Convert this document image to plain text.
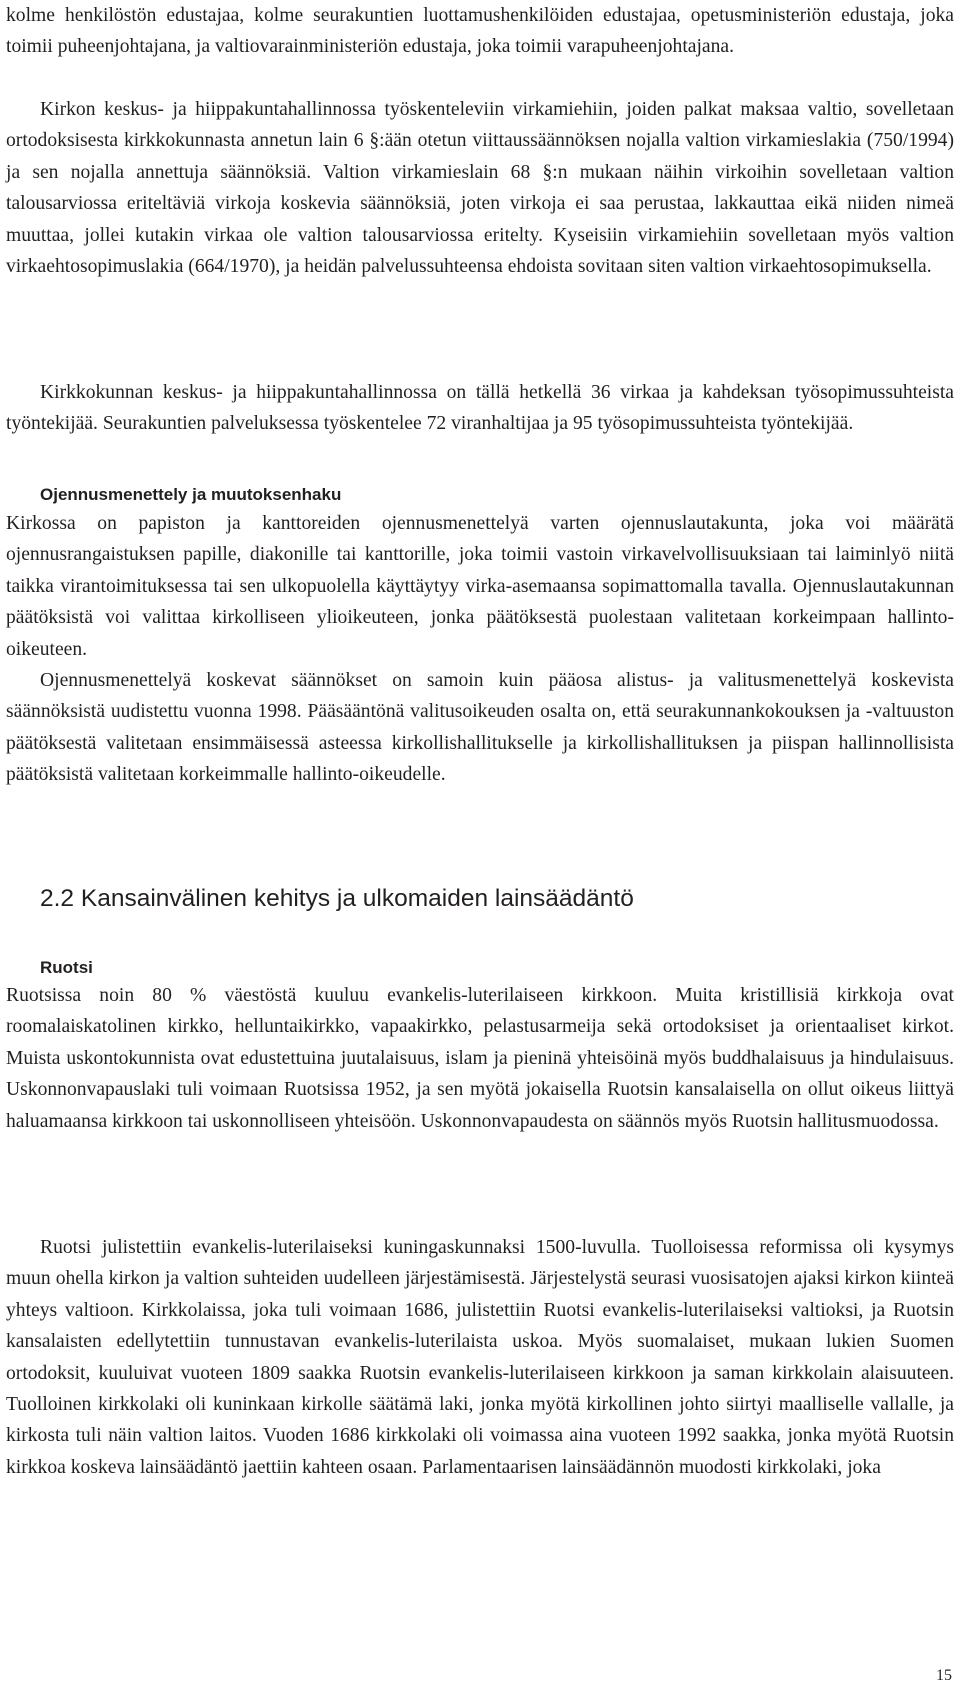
kolme henkilöstön edustajaa, kolme seurakuntien luottamushenkilöiden edustajaa, opetusministeriön edustaja, joka toimii puheenjohtajana, ja valtiovarainministeriön edustaja, joka toimii varapuheenjohtajana.

Kirkon keskus- ja hiippakuntahallinnossa työskenteleviin virkamiehiin, joiden palkat maksaa valtio, sovelletaan ortodoksisesta kirkkokunnasta annetun lain 6 §:ään otetun viittaussäännöksen nojalla valtion virkamieslakia (750/1994) ja sen nojalla annettuja säännöksiä. Valtion virkamieslain 68 §:n mukaan näihin virkoihin sovelletaan valtion talousarviossa eriteltäviä virkoja koskevia säännöksiä, joten virkoja ei saa perustaa, lakkauttaa eikä niiden nimeä muuttaa, jollei kutakin virkaa ole valtion talousarviossa eritelty. Kyseisiin virkamiehiin sovelletaan myös valtion virkaehtosopimuslakia (664/1970), ja heidän palvelussuhteensa ehdoista sovitaan siten valtion virkaehtosopimuksella.

Kirkkokunnan keskus- ja hiippakuntahallinnossa on tällä hetkellä 36 virkaa ja kahdeksan työsopimussuhteista työntekijää. Seurakuntien palveluksessa työskentelee 72 viranhaltijaa ja 95 työsopimussuhteista työntekijää.

Ojennusmenettely ja muutoksenhaku

Kirkossa on papiston ja kanttoreiden ojennusmenettelyä varten ojennuslautakunta, joka voi määrätä ojennusrangaistuksen papille, diakonille tai kanttorille, joka toimii vastoin virkavelvollisuuksiaan tai laiminlyö niitä taikka virantoimituksessa tai sen ulkopuolella käyttäytyy virka-asemaansa sopimattomalla tavalla. Ojennuslautakunnan päätöksistä voi valittaa kirkolliseen ylioikeuteen, jonka päätöksestä puolestaan valitetaan korkeimpaan hallinto-oikeuteen.

Ojennusmenettelyä koskevat säännökset on samoin kuin pääosa alistus- ja valitusmenettelyä koskevista säännöksistä uudistettu vuonna 1998. Pääsääntönä valitusoikeuden osalta on, että seurakunnankokouksen ja -valtuuston päätöksestä valitetaan ensimmäisessä asteessa kirkollishallitukselle ja kirkollishallituksen ja piispan hallinnollisista päätöksistä valitetaan korkeimmalle hallinto-oikeudelle.

2.2 Kansainvälinen kehitys ja ulkomaiden lainsäädäntö
Ruotsi

Ruotsissa noin 80 % väestöstä kuuluu evankelis-luterilaiseen kirkkoon. Muita kristillisiä kirkkoja ovat roomalaiskatolinen kirkko, helluntaikirkko, vapaakirkko, pelastusarmeija sekä ortodoksiset ja orientaaliset kirkot. Muista uskontokunnista ovat edustettuina juutalaisuus, islam ja pieninä yhteisöinä myös buddhalaisuus ja hindulaisuus. Uskonnonvapauslaki tuli voimaan Ruotsissa 1952, ja sen myötä jokaisella Ruotsin kansalaisella on ollut oikeus liittyä haluamaansa kirkkoon tai uskonnolliseen yhteisöön. Uskonnonvapaudesta on säännös myös Ruotsin hallitusmuodossa.

Ruotsi julistettiin evankelis-luterilaiseksi kuningaskunnaksi 1500-luvulla. Tuolloisessa reformissa oli kysymys muun ohella kirkon ja valtion suhteiden uudelleen järjestämisestä. Järjestelystä seurasi vuosisatojen ajaksi kirkon kiinteä yhteys valtioon. Kirkkolaissa, joka tuli voimaan 1686, julistettiin Ruotsi evankelis-luterilaiseksi valtioksi, ja Ruotsin kansalaisten edellytettiin tunnustavan evankelis-luterilaista uskoa. Myös suomalaiset, mukaan lukien Suomen ortodoksit, kuuluivat vuoteen 1809 saakka Ruotsin evankelis-luterilaiseen kirkkoon ja saman kirkkolain alaisuuteen. Tuolloinen kirkkolaki oli kuninkaan kirkolle säätämä laki, jonka myötä kirkollinen johto siirtyi maalliselle vallalle, ja kirkosta tuli näin valtion laitos. Vuoden 1686 kirkkolaki oli voimassa aina vuoteen 1992 saakka, jonka myötä Ruotsin kirkkoa koskeva lainsäädäntö jaettiin kahteen osaan. Parlamentaarisen lainsäädännön muodosti kirkkolaki, joka

15
